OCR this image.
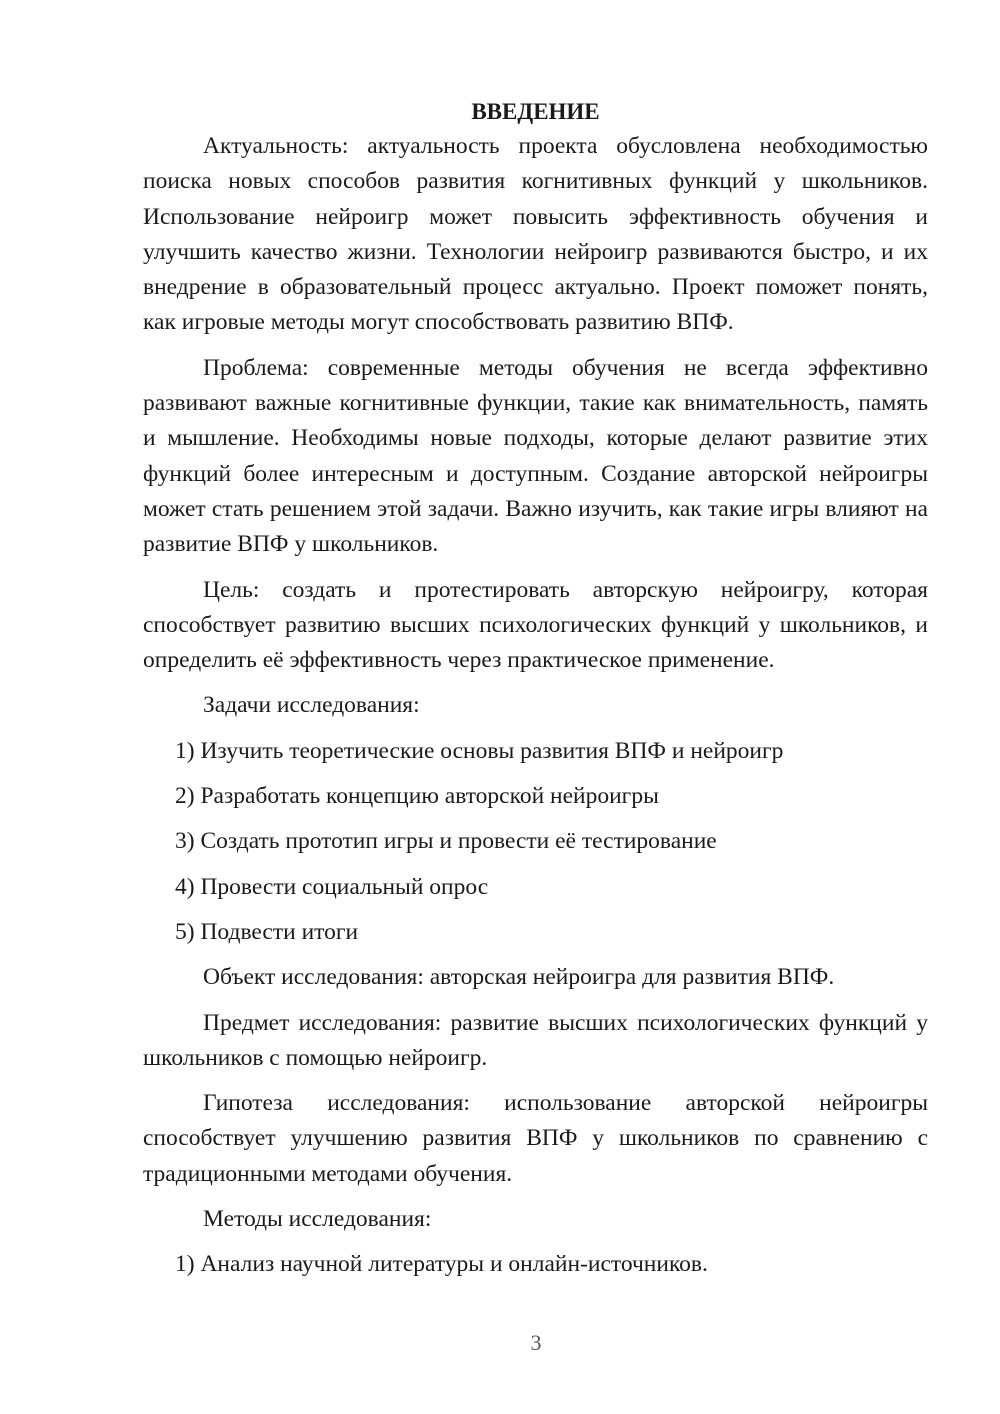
ВВЕДЕНИЕ

Актуальность: актуальность проекта обусловлена необходимостью поиска новых способов развития когнитивных функций у школьников. Использование нейроигр может повысить эффективность обучения и улучшить качество жизни. Технологии нейроигр развиваются быстро, и их внедрение в образовательный процесс актуально. Проект поможет понять, как игровые методы могут способствовать развитию ВПФ.

Проблема: современные методы обучения не всегда эффективно развивают важные когнитивные функции, такие как внимательность, память и мышление. Необходимы новые подходы, которые делают развитие этих функций более интересным и доступным. Создание авторской нейроигры может стать решением этой задачи. Важно изучить, как такие игры влияют на развитие ВПФ у школьников.

Цель: создать и протестировать авторскую нейроигру, которая способствует развитию высших психологических функций у школьников, и определить её эффективность через практическое применение.

Задачи исследования:

1) Изучить теоретические основы развития ВПФ и нейроигр

2) Разработать концепцию авторской нейроигры

3) Создать прототип игры и провести её тестирование

4) Провести социальный опрос

5) Подвести итоги

Объект исследования: авторская нейроигра для развития ВПФ.

Предмет исследования: развитие высших психологических функций у школьников с помощью нейроигр.

Гипотеза исследования: использование авторской нейроигры способствует улучшению развития ВПФ у школьников по сравнению с традиционными методами обучения.

Методы исследования:

1) Анализ научной литературы и онлайн-источников.

3
